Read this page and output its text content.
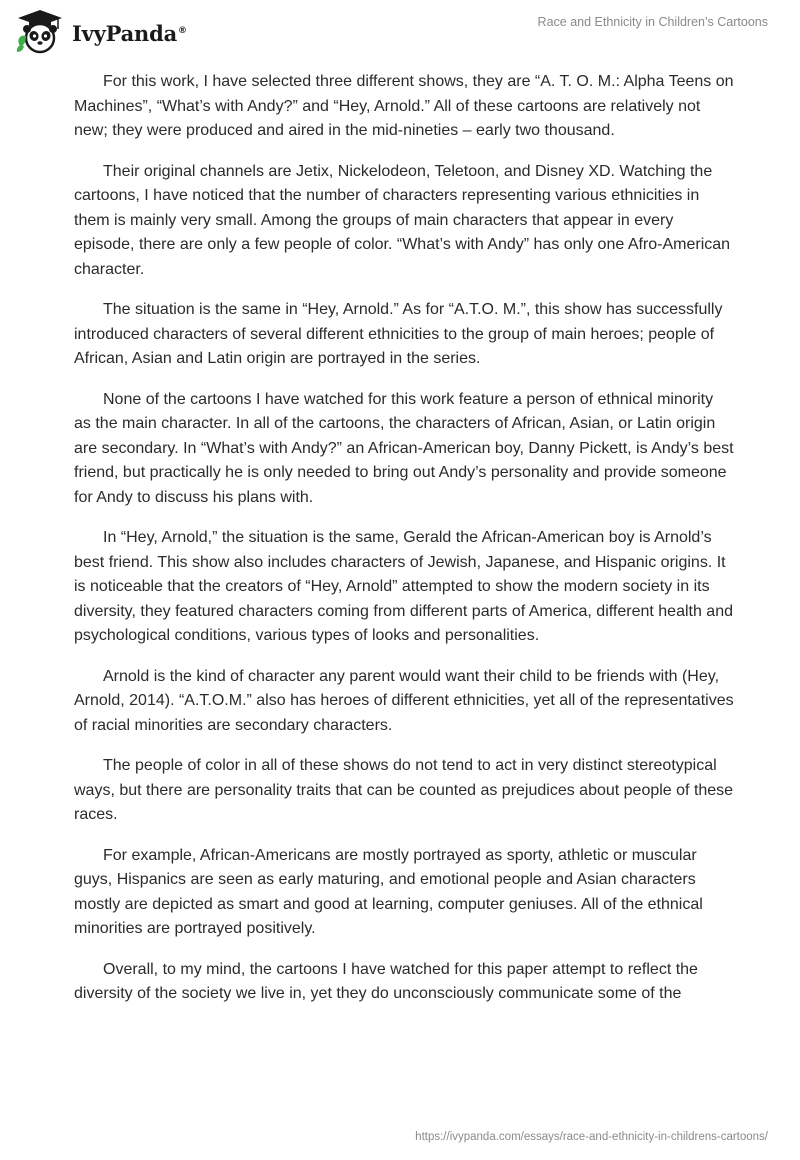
IvyPanda®
Race and Ethnicity in Children’s Cartoons

For this work, I have selected three different shows, they are “A. T. O. M.: Alpha Teens on Machines”, “What’s with Andy?” and “Hey, Arnold.” All of these cartoons are relatively not new; they were produced and aired in the mid-nineties – early two thousand.

Their original channels are Jetix, Nickelodeon, Teletoon, and Disney XD. Watching the cartoons, I have noticed that the number of characters representing various ethnicities in them is mainly very small. Among the groups of main characters that appear in every episode, there are only a few people of color. “What’s with Andy” has only one Afro-American character.

The situation is the same in “Hey, Arnold.” As for “A.T.O. M.”, this show has successfully introduced characters of several different ethnicities to the group of main heroes; people of African, Asian and Latin origin are portrayed in the series.

None of the cartoons I have watched for this work feature a person of ethnical minority as the main character. In all of the cartoons, the characters of African, Asian, or Latin origin are secondary. In “What’s with Andy?” an African-American boy, Danny Pickett, is Andy’s best friend, but practically he is only needed to bring out Andy’s personality and provide someone for Andy to discuss his plans with.

In “Hey, Arnold,” the situation is the same, Gerald the African-American boy is Arnold’s best friend. This show also includes characters of Jewish, Japanese, and Hispanic origins. It is noticeable that the creators of “Hey, Arnold” attempted to show the modern society in its diversity, they featured characters coming from different parts of America, different health and psychological conditions, various types of looks and personalities.

Arnold is the kind of character any parent would want their child to be friends with (Hey, Arnold, 2014). “A.T.O.M.” also has heroes of different ethnicities, yet all of the representatives of racial minorities are secondary characters.

The people of color in all of these shows do not tend to act in very distinct stereotypical ways, but there are personality traits that can be counted as prejudices about people of these races.

For example, African-Americans are mostly portrayed as sporty, athletic or muscular guys, Hispanics are seen as early maturing, and emotional people and Asian characters mostly are depicted as smart and good at learning, computer geniuses. All of the ethnical minorities are portrayed positively.

Overall, to my mind, the cartoons I have watched for this paper attempt to reflect the diversity of the society we live in, yet they do unconsciously communicate some of the

https://ivypanda.com/essays/race-and-ethnicity-in-childrens-cartoons/
